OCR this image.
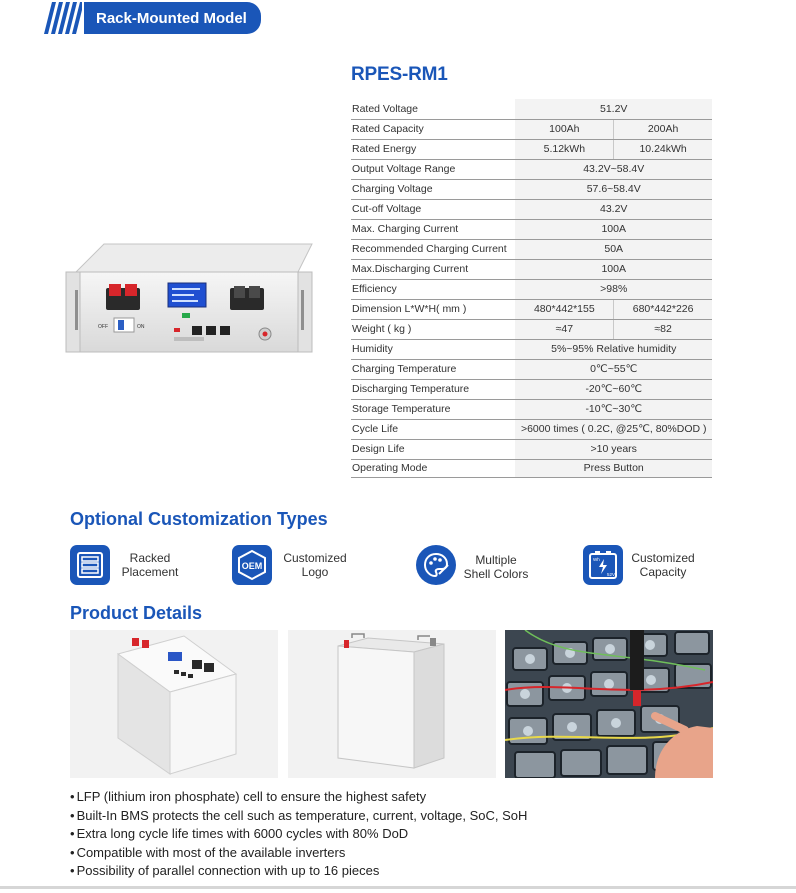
Rack-Mounted Model
OFF	ON
RPES-RM1
Rated Voltage	51.2V	
Rated Capacity	100Ah	200Ah
Rated Energy	5.12kWh	10.24kWh
Output Voltage Range	43.2V~58.4V	
Charging Voltage	57.6~58.4V	
Cut-off Voltage	43.2V	
Max. Charging Current	100A	
Recommended Charging Current	50A	
Max.Discharging Current	100A	
Efficiency	>98%	
Dimension L*W*H( mm )	480*442*155	680*442*226
Weight ( kg )	≈47	≈82
Humidity	5%~95% Relative humidity	
Charging Temperature	0℃~55℃	
Discharging Temperature	-20℃~60℃	
Storage Temperature	-10℃~30℃	
Cycle Life	>6000 times ( 0.2C, @25℃, 80%DOD )	
Design Life	>10 years	
Operating Mode	Press Button	
Optional Customization Types
Racked
Placement	OEM
Customized
Logo
Multiple
Shell Colors
Wh
52V
Customized
Capacity
Product Details
• LFP (lithium iron phosphate) cell to ensure the highest safety
• Built-In BMS protects the cell such as temperature, current, voltage, SoC, SoH
• Extra long cycle life times with 6000 cycles with 80% DoD
• Compatible with most of the available inverters
• Possibility of parallel connection with up to 16 pieces
